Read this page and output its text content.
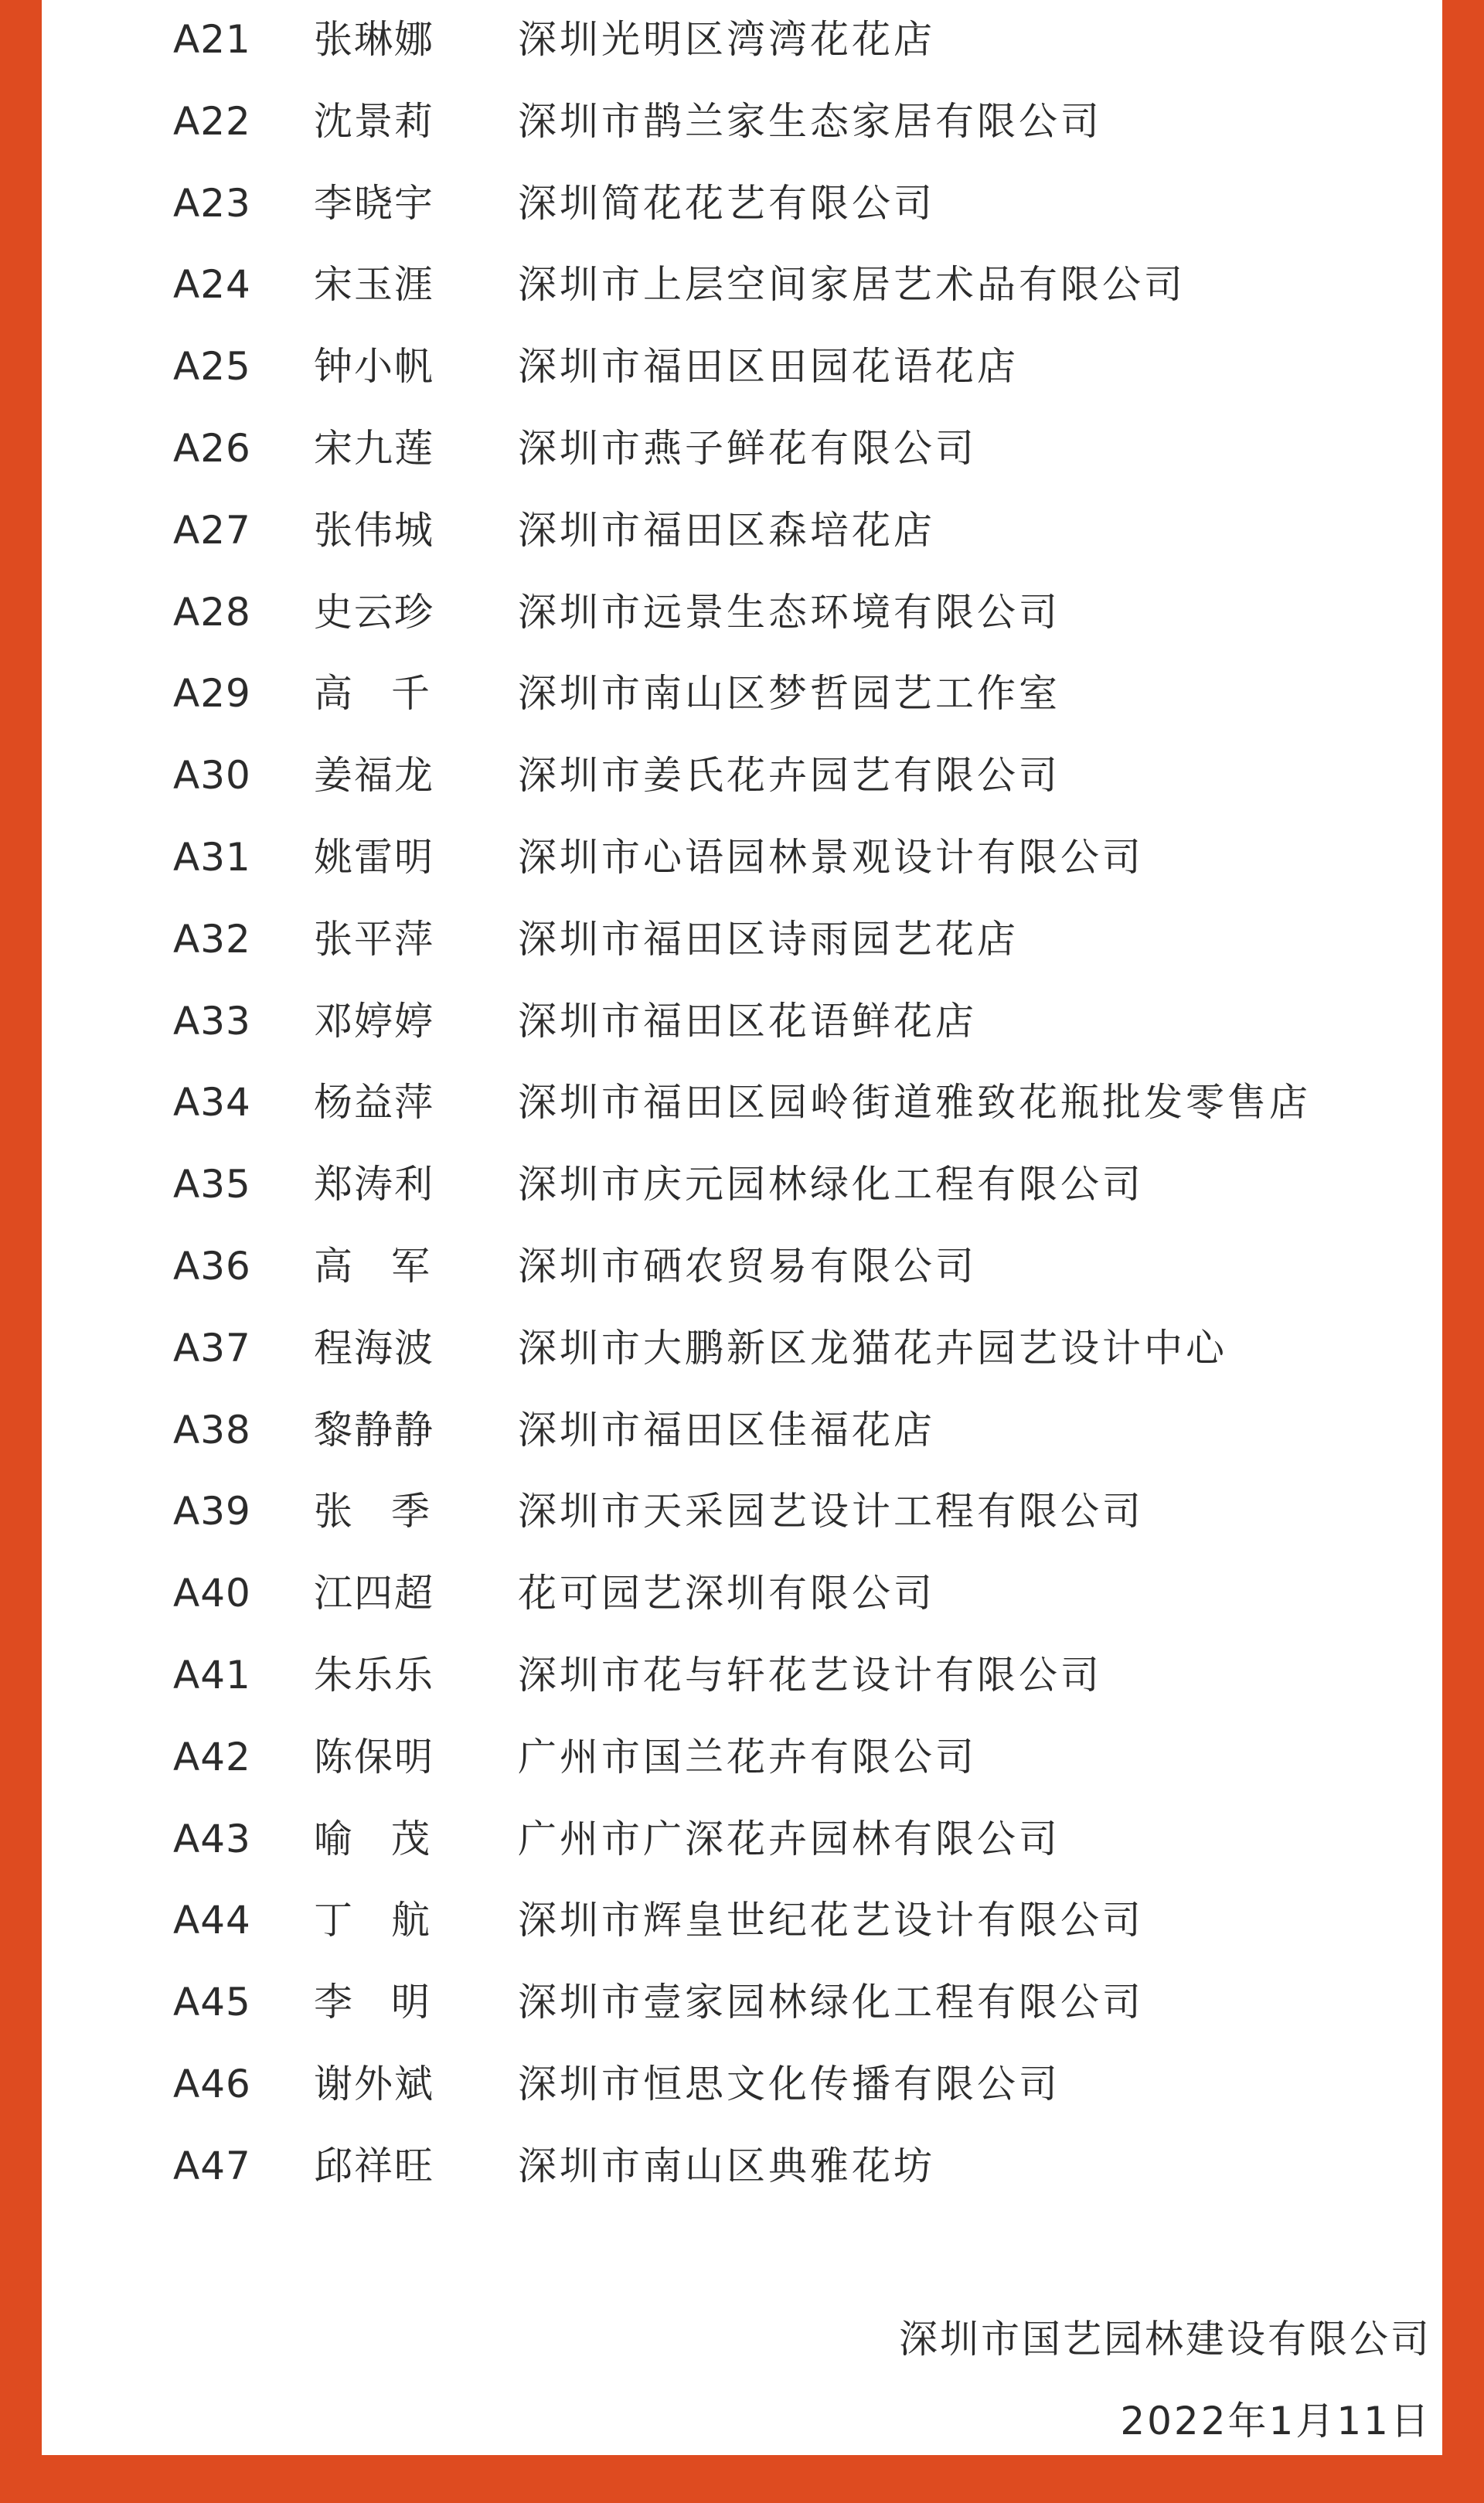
A21	张琳娜 深圳光明区湾湾花花店
A22	沈景莉 深圳市鹊兰家生态家居有限公司
A23	李晓宇 深圳简花花艺有限公司
A24	宋玉涯 深圳市上层空间家居艺术品有限公司
A25	钟小帆 深圳市福田区田园花语花店
A26	宋九莲 深圳市燕子鲜花有限公司
A27	张伟城 深圳市福田区森培花店
A28	史云珍 深圳市远景生态环境有限公司
A29	高　千	深圳市南山区梦哲园艺工作室
A30	姜福龙 深圳市姜氏花卉园艺有限公司
A31	姚雷明 深圳市心语园林景观设计有限公司
A32	张平萍 深圳市福田区诗雨园艺花店
A33	邓婷婷 深圳市福田区花语鲜花店
A34	杨益萍 深圳市福田区园岭街道雅致花瓶批发零售店
A35	郑涛利 深圳市庆元园林绿化工程有限公司
A36	高　军	深圳市硒农贸易有限公司
A37	程海波 深圳市大鹏新区龙猫花卉园艺设计中心
A38	黎静静 深圳市福田区佳福花店
A39	张　季	深圳市天采园艺设计工程有限公司
A40	江四超 花可园艺深圳有限公司
A41	朱乐乐 深圳市花与轩花艺设计有限公司
A42	陈保明 广州市国兰花卉有限公司
A43	喻　茂	广州市广深花卉园林有限公司
A44	丁　航	深圳市辉皇世纪花艺设计有限公司
A45	李　明	深圳市壹家园林绿化工程有限公司
A46	谢外斌 深圳市恒思文化传播有限公司
A47	邱祥旺 深圳市南山区典雅花坊
深圳市国艺园林建设有限公司
2022年1月11日
